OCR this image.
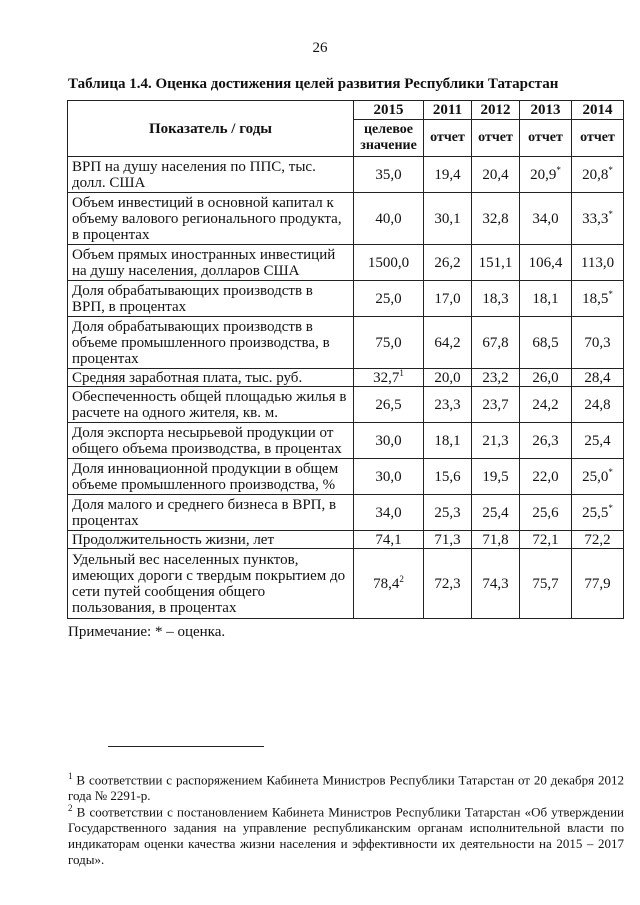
26
Таблица 1.4. Оценка достижения целей развития Республики Татарстан
Показатель / годы	2015	2011	2012	2013	2014
	целевое значение	отчет	отчет	отчет	отчет
ВРП на душу населения по ППС, тыс. долл. США	35,0	19,4	20,4	20,9*	20,8*
Объем инвестиций в основной капитал к объему валового регионального продукта, в процентах	40,0	30,1	32,8	34,0	33,3*
Объем прямых иностранных инвестиций на душу населения, долларов США	1500,0	26,2	151,1	106,4	113,0
Доля обрабатывающих производств в ВРП, в процентах	25,0	17,0	18,3	18,1	18,5*
Доля обрабатывающих производств в объеме промышленного производства, в процентах	75,0	64,2	67,8	68,5	70,3
Средняя заработная плата, тыс. руб.	32,7$^1$	20,0	23,2	26,0	28,4
Обеспеченность общей площадью жилья в расчете на одного жителя, кв. м.	26,5	23,3	23,7	24,2	24,8
Доля экспорта несырьевой продукции от общего объема производства, в процентах	30,0	18,1	21,3	26,3	25,4
Доля инновационной продукции в общем объеме промышленного производства, %	30,0	15,6	19,5	22,0	25,0*
Доля малого и среднего бизнеса в ВРП, в процентах	34,0	25,3	25,4	25,6	25,5*
Продолжительность жизни, лет	74,1	71,3	71,8	72,1	72,2
Удельный вес населенных пунктов, имеющих дороги с твердым покрытием до сети путей сообщения общего пользования, в процентах	78,4$^2$	72,3	74,3	75,7	77,9
Примечание: * – оценка.
$^1$ В соответствии с распоряжением Кабинета Министров Республики Татарстан от 20 декабря 2012 года № 2291-р.
$^2$ В соответствии с постановлением Кабинета Министров Республики Татарстан «Об утверждении Государственного задания на управление республиканским органам исполнительной власти по индикаторам оценки качества жизни населения и эффективности их деятельности на 2015 – 2017 годы».
